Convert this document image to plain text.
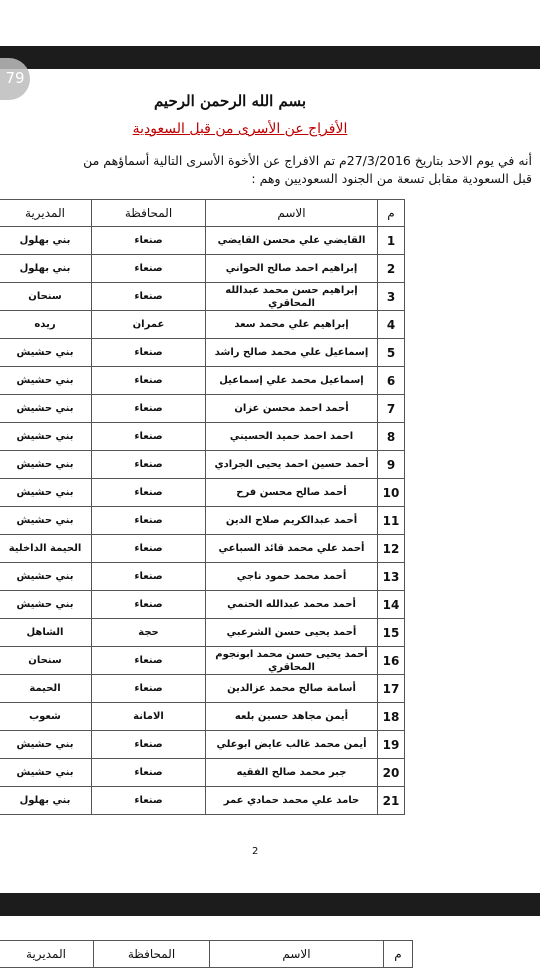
79
بسم الله الرحمن الرحيم
الأفراج عن الأسرى من قبل السعودية
أنه في يوم الاحد بتاريخ 27/3/2016م تم الافراج عن الأخوة الأسرى التالية أسماؤهم من
قبل السعودية مقابل تسعة من الجنود السعوديين وهم :
م	الاسم	المحافظة	المديرية
1	القايضي علي محسن القايضي	صنعاء	بني بهلول
2	إبراهيم احمد صالح الحواني	صنعاء	بني بهلول
3	إبراهيم حسن محمد عبدالله المحاقري	صنعاء	سنحان
4	إبراهيم علي محمد سعد	عمران	ريده
5	إسماعيل علي محمد صالح راشد	صنعاء	بني حشيش
6	إسماعيل محمد علي إسماعيل	صنعاء	بني حشيش
7	أحمد احمد محسن عزان	صنعاء	بني حشيش
8	احمد احمد حميد الحسيني	صنعاء	بني حشيش
9	أحمد حسين احمد يحيى الجرادي	صنعاء	بني حشيش
10	أحمد صالح محسن فرح	صنعاء	بني حشيش
11	أحمد عبدالكريم صلاح الدين	صنعاء	بني حشيش
12	أحمد علي محمد قائد السباعي	صنعاء	الحيمة الداخلية
13	أحمد محمد حمود ناجي	صنعاء	بني حشيش
14	أحمد محمد عبدالله الحنمي	صنعاء	بني حشيش
15	أحمد يحيى حسن الشرعبي	حجة	الشاهل
16	أحمد يحيى حسن محمد ابونجوم المحاقري	صنعاء	سنحان
17	أسامة صالح محمد عزالدين	صنعاء	الحيمة
18	أيمن مجاهد حسين بلعه	الامانة	شعوب
19	أيمن محمد غالب عايض ابوعلي	صنعاء	بني حشيش
20	جبر محمد صالح الفقيه	صنعاء	بني حشيش
21	حامد علي محمد حمادي عمر	صنعاء	بني بهلول
2
م	الاسم	المحافظة	المديرية
